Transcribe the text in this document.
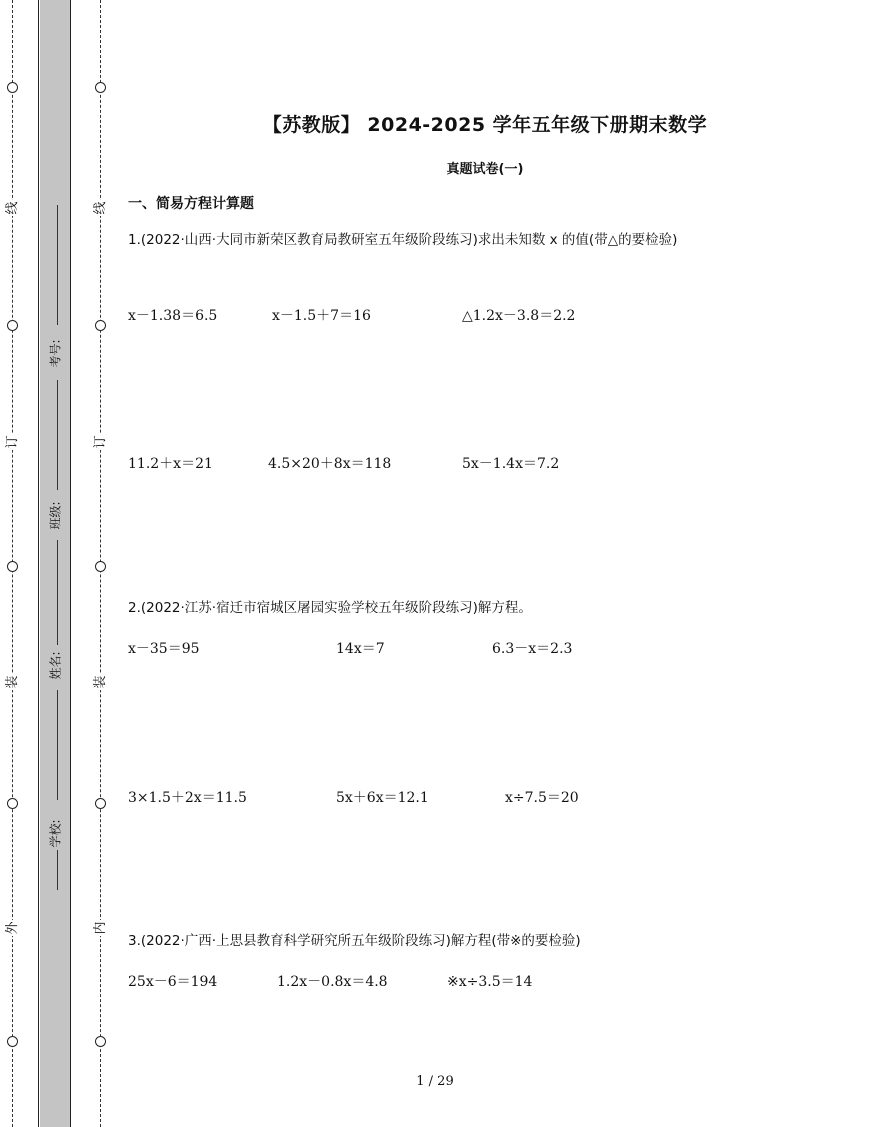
线
订
装
外
线
订
装
内
考号:
班级:
姓名:
学校:
【苏教版】 2024-2025 学年五年级下册期末数学
真题试卷(一)
一、简易方程计算题
1.(2022·山西·大同市新荣区教育局教研室五年级阶段练习)求出未知数 x 的值(带△的要检验)
x－1.38＝6.5	x－1.5＋7＝16	△1.2x－3.8＝2.2
11.2＋x＝21	4.5×20＋8x＝118	5x－1.4x＝7.2
2.(2022·江苏·宿迁市宿城区屠园实验学校五年级阶段练习)解方程。
x－35＝95	14x＝7	6.3－x＝2.3
3×1.5＋2x＝11.5	5x＋6x＝12.1	x÷7.5＝20
3.(2022·广西·上思县教育科学研究所五年级阶段练习)解方程(带※的要检验)
25x－6＝194	1.2x－0.8x＝4.8	※x÷3.5＝14
1 / 29
